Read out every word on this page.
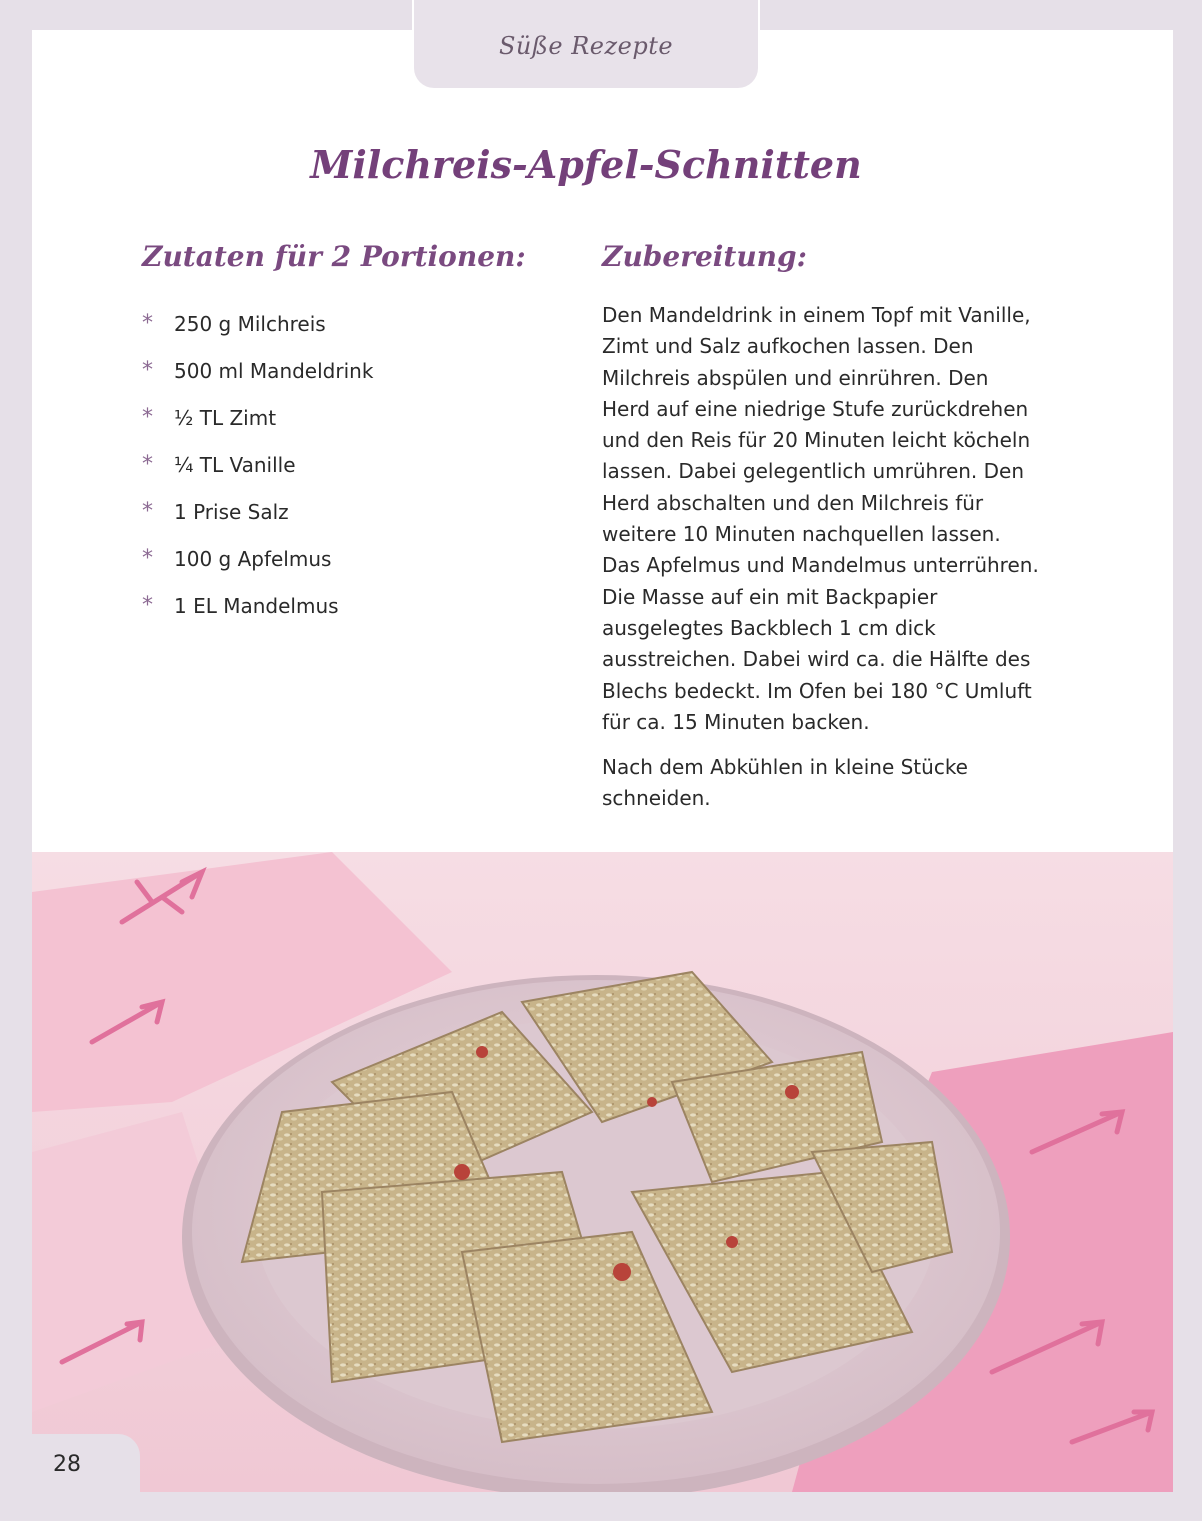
Süße Rezepte
Milchreis-Apfel-Schnitten
Zutaten für 2 Portionen:	Zubereitung:
*	250 g Milchreis
*	500 ml Mandeldrink
*	½ TL Zimt
*	¼ TL Vanille
*	1 Prise Salz
*	100 g Apfelmus
*	1 EL Mandelmus

Den Mandeldrink in einem Topf mit Vanille, Zimt und Salz aufkochen lassen. Den Milchreis abspülen und einrühren. Den Herd auf eine niedrige Stufe zurückdrehen und den Reis für 20 Minuten leicht köcheln lassen. Dabei gelegentlich umrühren. Den Herd abschalten und den Milchreis für weitere 10 Minuten nachquellen lassen. Das Apfelmus und Mandelmus unterrühren. Die Masse auf ein mit Backpapier ausgelegtes Backblech 1 cm dick ausstreichen. Dabei wird ca. die Hälfte des Blechs bedeckt. Im Ofen bei 180 °C Umluft für ca. 15 Minuten backen.

Nach dem Abkühlen in kleine Stücke schneiden.

28
